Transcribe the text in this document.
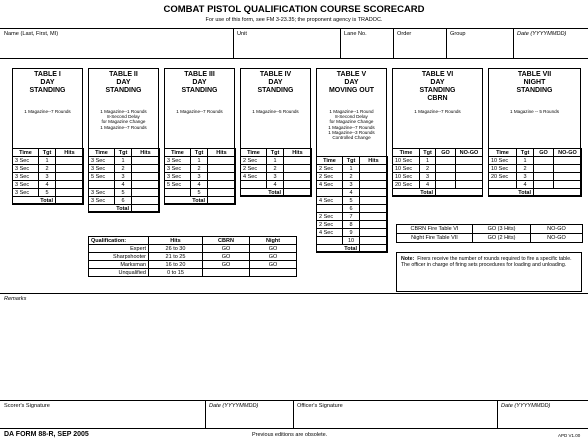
COMBAT PISTOL QUALIFICATION COURSE SCORECARD
For use of this form, see FM 3-23.35; the proponent agency is TRADOC.
Name (Last, First, MI)	Unit	Lane No.	Order	Group	Date (YYYYMMDD)
TABLE I
DAY
STANDING
1 Magazine--7 Rounds
Time	Tgt	Hits
3 Sec	1	
3 Sec	2	
3 Sec	3	
3 Sec	4	
3 Sec	5	
Total		
TABLE II
DAY
STANDING
1 Magazine--1 Rounds
8-Second Delay
for Magazine Change
1 Magazine--7 Rounds
Time	Tgt	Hits
3 Sec	1	
3 Sec	2	
5 Sec	3	
	4	
3 Sec	5	
3 Sec	6	
Total		
TABLE III
DAY
STANDING
1 Magazine--7 Rounds
Time	Tgt	Hits
3 Sec	1	
3 Sec	2	
3 Sec	3	
5 Sec	4	
	5	
Total		
TABLE IV
DAY
STANDING
1 Magazine--5 Rounds
Time	Tgt	Hits
2 Sec	1	
2 Sec	2	
4 Sec	3	
	4	
Total		
TABLE V
DAY
MOVING OUT
1 Magazine--1 Round
8-Second Delay
for Magazine Change
1 Magazine--7 Rounds
1 Magazine--3 Rounds
Controlled Change
Time	Tgt	Hits
2 Sec	1	
2 Sec	2	
4 Sec	3	
	4	
4 Sec	5	
	6	
2 Sec	7	
2 Sec	8	
4 Sec	9	
	10	
Total		
TABLE VI
DAY
STANDING
CBRN
1 Magazine--7 Rounds
Time	Tgt	GO	NO-GO
10 Sec	1		
10 Sec	2		
10 Sec	3		
20 Sec	4		
Total			
TABLE VII
NIGHT
STANDING
1 Magazine -- 5 Rounds
Time	Tgt	GO	NO-GO
10 Sec	1		
10 Sec	2		
20 Sec	3		
	4		
Total			
Qualification:	Hits	CBRN	Night
Expert	26 to 30	GO	GO
Sharpshooter	21 to 25	GO	GO
Marksman	16 to 20	GO	GO
Unqualified	0 to 15		
CBRN Fire Table VI	GO (3 Hits)	NO-GO
Night Fire Table VII	GO (2 Hits)	NO-GO
Note: Firers receive the number of rounds required to fire a specific table. The officer in charge of firing sets procedures for loading and unloading.
Remarks
Scorer's Signature	Date (YYYYMMDD)	Officer's Signature	Date (YYYYMMDD)
DA FORM 88-R, SEP 2005	Previous editions are obsolete.	APD V1.00
